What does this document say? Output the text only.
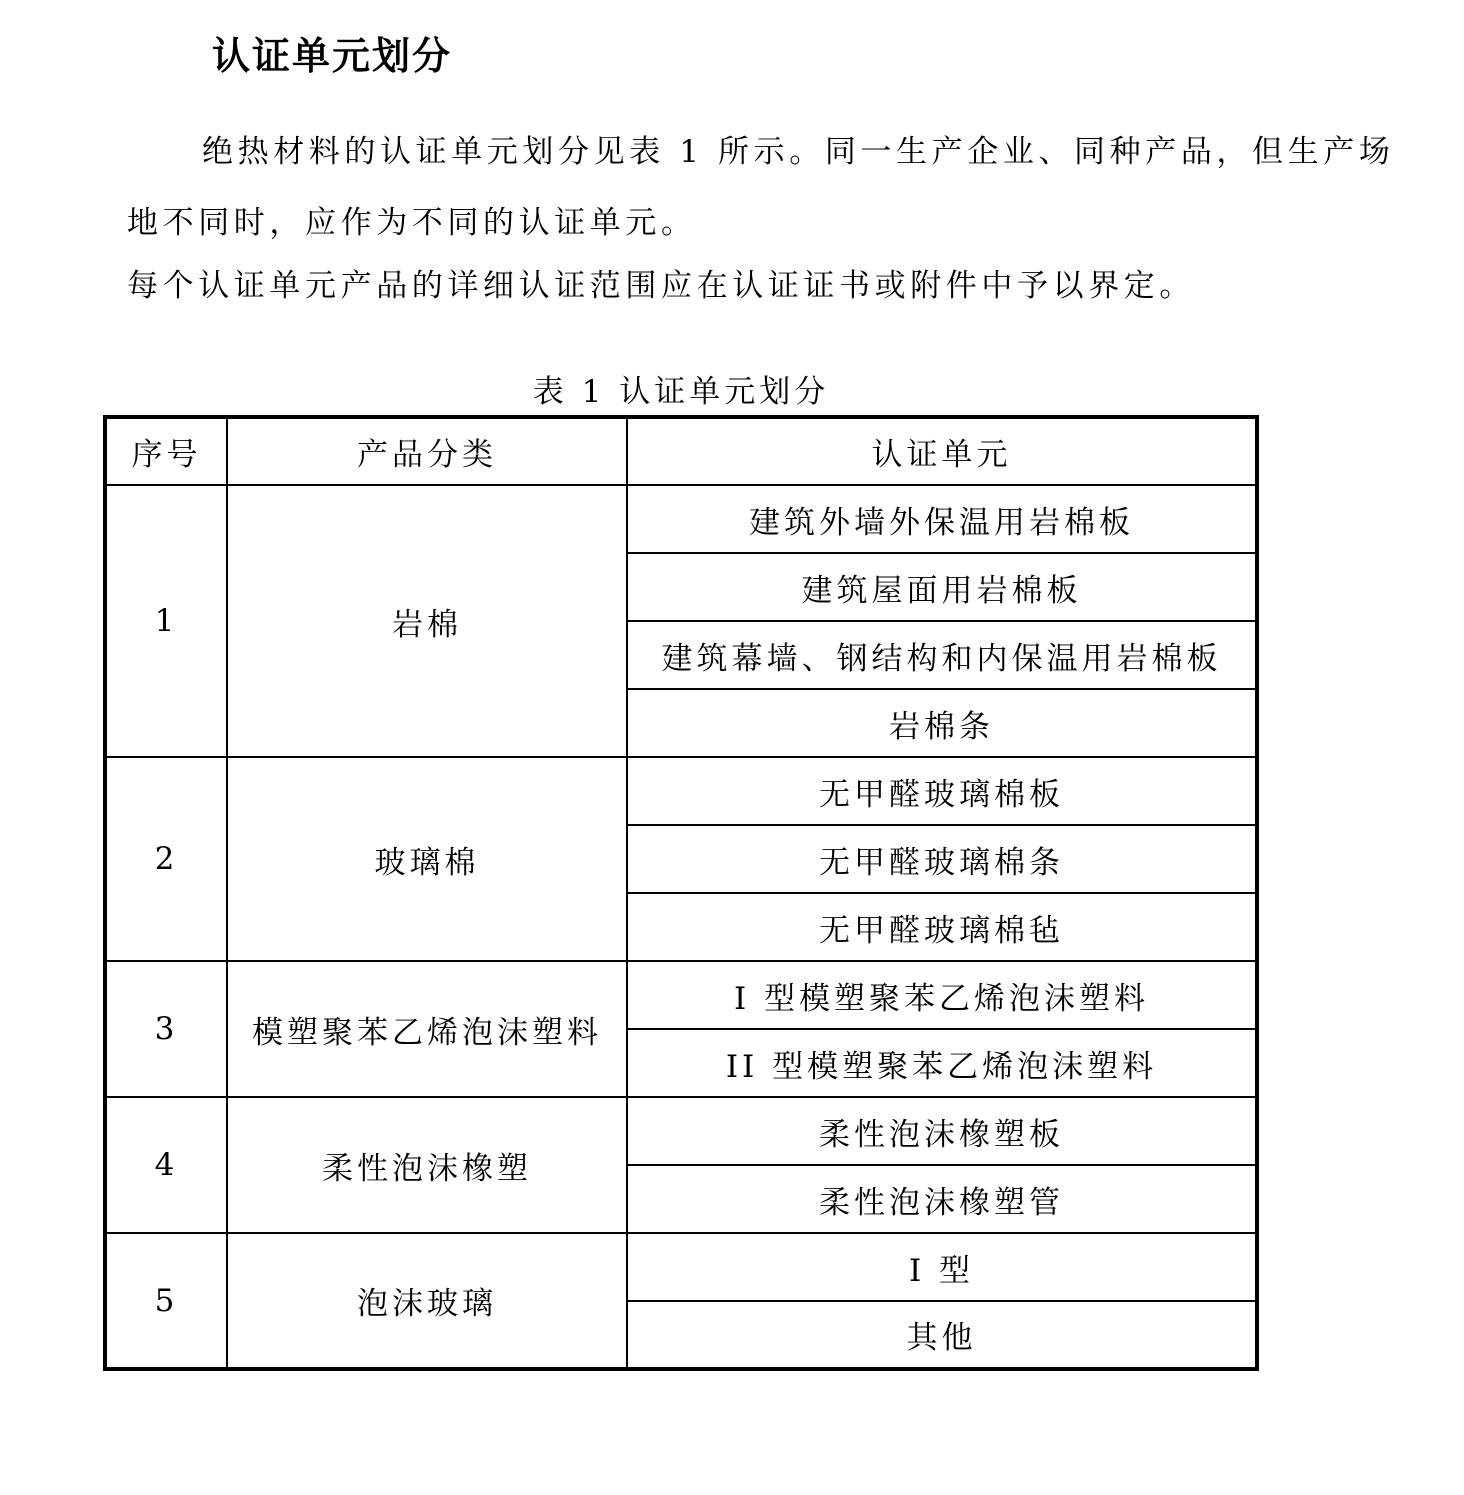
认证单元划分
绝热材料的认证单元划分见表 1 所示。同一生产企业、同种产品，但生产场
地不同时，应作为不同的认证单元。
每个认证单元产品的详细认证范围应在认证证书或附件中予以界定。
表 1 认证单元划分
序号	产品分类	认证单元
1	岩棉	建筑外墙外保温用岩棉板
		建筑屋面用岩棉板
		建筑幕墙、钢结构和内保温用岩棉板
		岩棉条
2	玻璃棉	无甲醛玻璃棉板
		无甲醛玻璃棉条
		无甲醛玻璃棉毡
3	模塑聚苯乙烯泡沫塑料	I 型模塑聚苯乙烯泡沫塑料
		II 型模塑聚苯乙烯泡沫塑料
4	柔性泡沫橡塑	柔性泡沫橡塑板
		柔性泡沫橡塑管
5	泡沫玻璃	I 型
		其他
